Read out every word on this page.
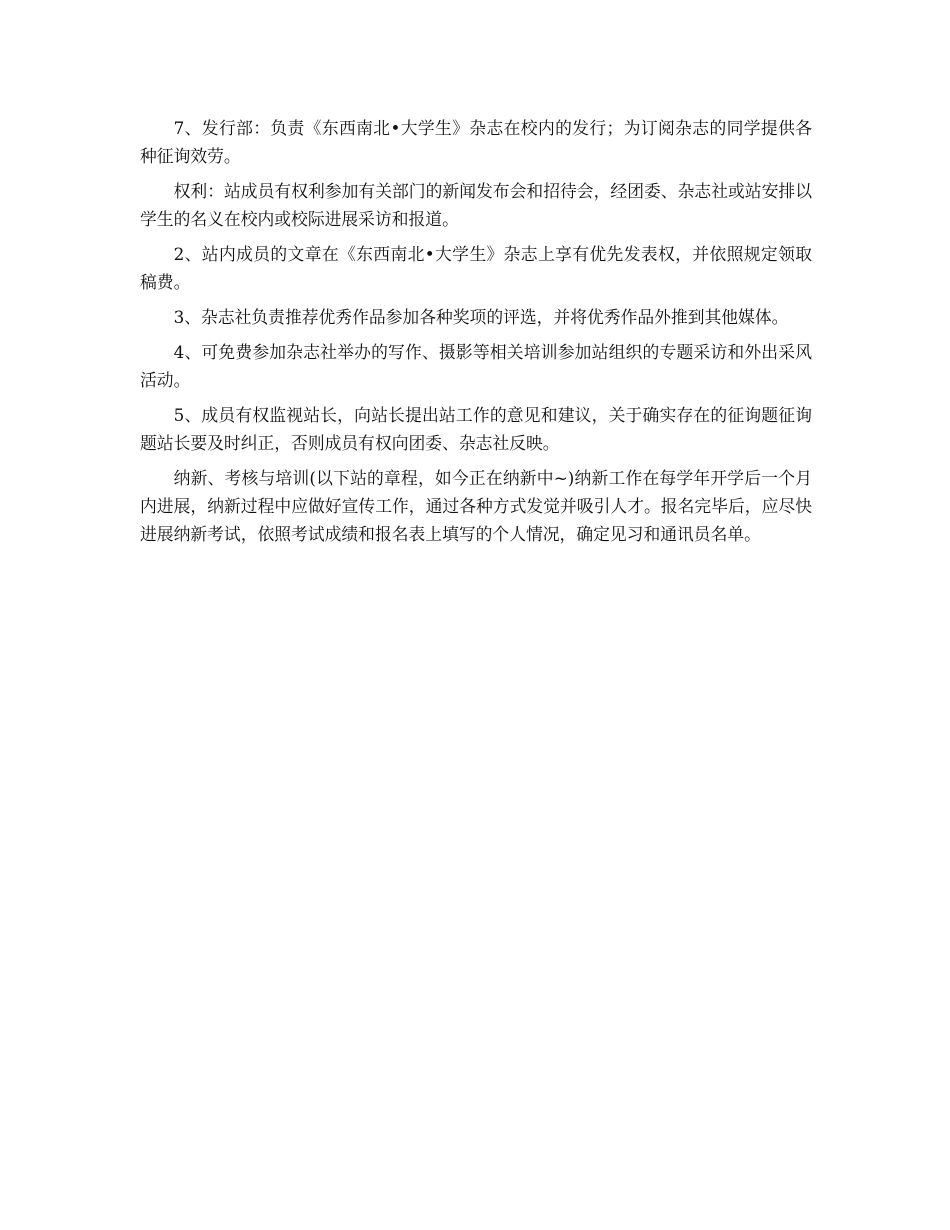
7、发行部：负责《东西南北•大学生》杂志在校内的发行；为订阅杂志的同学提供各种征询效劳。

权利：站成员有权利参加有关部门的新闻发布会和招待会，经团委、杂志社或站安排以学生的名义在校内或校际进展采访和报道。

2、站内成员的文章在《东西南北•大学生》杂志上享有优先发表权，并依照规定领取稿费。

3、杂志社负责推荐优秀作品参加各种奖项的评选，并将优秀作品外推到其他媒体。

4、可免费参加杂志社举办的写作、摄影等相关培训参加站组织的专题采访和外出采风活动。

5、成员有权监视站长，向站长提出站工作的意见和建议，关于确实存在的征询题征询题站长要及时纠正，否则成员有权向团委、杂志社反映。

纳新、考核与培训(以下站的章程，如今正在纳新中~)纳新工作在每学年开学后一个月内进展，纳新过程中应做好宣传工作，通过各种方式发觉并吸引人才。报名完毕后，应尽快进展纳新考试，依照考试成绩和报名表上填写的个人情况，确定见习和通讯员名单。
